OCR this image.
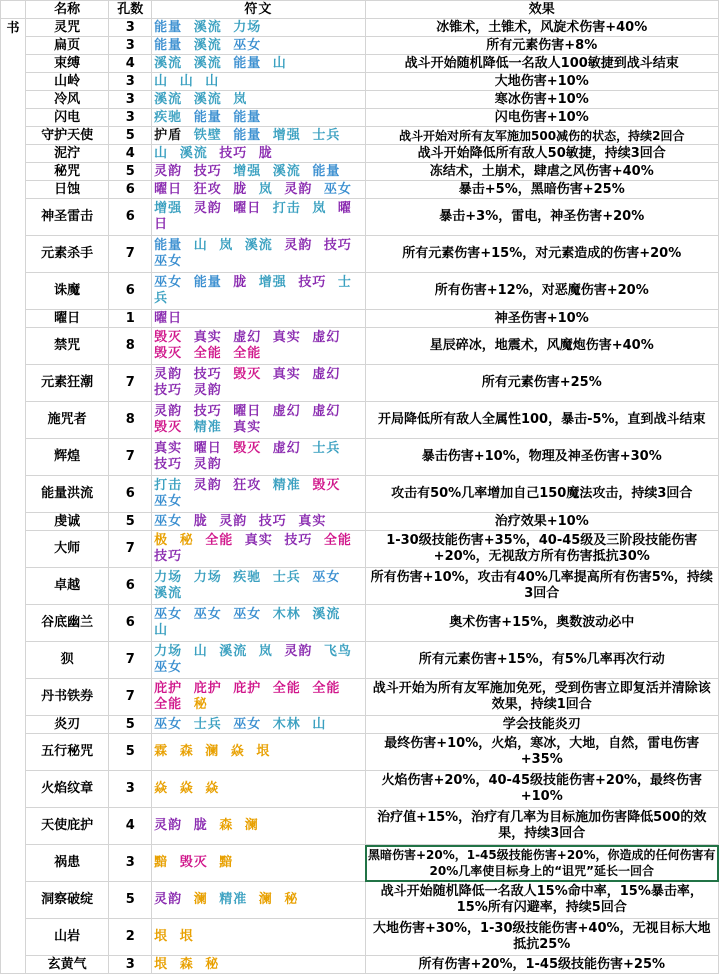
	名称	孔数	符文	效果
书	灵咒	3	能量 溪流 力场	冰锥术，土锥术，风旋术伤害+40%
	扁页	3	能量 溪流 巫女	所有元素伤害+8%
	束缚	4	溪流 溪流 能量 山	战斗开始随机降低一名敌人100敏捷到战斗结束
	山岭	3	山 山 山	大地伤害+10%
	冷风	3	溪流 溪流 岚	寒冰伤害+10%
	闪电	3	疾驰 能量 能量	闪电伤害+10%
	守护天使	5	护盾 铁壁 能量 增强 士兵	战斗开始对所有友军施加500减伤的状态，持续2回合
	泥泞	4	山 溪流 技巧 胧	战斗开始降低所有敌人50敏捷，持续3回合
	秘咒	5	灵韵 技巧 增强 溪流 能量	冻结术，土崩术，肆虐之风伤害+40%
	日蚀	6	曜日 狂攻 胧 岚 灵韵 巫女	暴击+5%，黑暗伤害+25%
	神圣雷击	6	增强 灵韵 曜日 打击 岚 曜日	暴击+3%，雷电，神圣伤害+20%
	元素杀手	7	能量 山 岚 溪流 灵韵 技巧 巫女	所有元素伤害+15%，对元素造成的伤害+20%
	诛魔	6	巫女 能量 胧 增强 技巧 士兵	所有伤害+12%，对恶魔伤害+20%
	曜日	1	曜日	神圣伤害+10%
	禁咒	8	毁灭 真实 虚幻 真实 虚幻 毁灭 全能 全能	星辰碎冰，地震术，风魔炮伤害+40%
	元素狂潮	7	灵韵 技巧 毁灭 真实 虚幻 技巧 灵韵	所有元素伤害+25%
	施咒者	8	灵韵 技巧 曜日 虚幻 虚幻 毁灭 精准 真实	开局降低所有敌人全属性100，暴击-5%，直到战斗结束
	辉煌	7	真实 曜日 毁灭 虚幻 士兵 技巧 灵韵	暴击伤害+10%，物理及神圣伤害+30%
	能量洪流	6	打击 灵韵 狂攻 精准 毁灭 巫女	攻击有50%几率增加自己150魔法攻击，持续3回合
	虔诚	5	巫女 胧 灵韵 技巧 真实	治疗效果+10%
	大师	7	极 秘 全能 真实 技巧 全能 技巧	1-30级技能伤害+35%，40-45级及三阶段技能伤害+20%，无视敌方所有伤害抵抗30%
	卓越	6	力场 力场 疾驰 士兵 巫女 溪流	所有伤害+10%，攻击有40%几率提高所有伤害5%，持续3回合
	谷底幽兰	6	巫女 巫女 巫女 木林 溪流 山	奥术伤害+15%，奥数波动必中
	狈	7	力场 山 溪流 岚 灵韵 飞鸟 巫女	所有元素伤害+15%，有5%几率再次行动
	丹书铁券	7	庇护 庇护 庇护 全能 全能 全能 秘	战斗开始为所有友军施加免死，受到伤害立即复活并清除该效果，持续1回合
	炎刃	5	巫女 士兵 巫女 木林 山	学会技能炎刃
	五行秘咒	5	霖 森 澜 焱 垠	最终伤害+10%，火焰，寒冰，大地，自然，雷电伤害+35%
	火焰纹章	3	焱 焱 焱	火焰伤害+20%，40-45级技能伤害+20%，最终伤害+10%
	天使庇护	4	灵韵 胧 森 澜	治疗值+15%，治疗有几率为目标施加伤害降低500的效果，持续3回合
	祸患	3	黯 毁灭 黯	黑暗伤害+20%，1-45级技能伤害+20%，你造成的任何伤害有20%几率使目标身上的“诅咒”延长一回合
	洞察破绽	5	灵韵 澜 精准 澜 秘	战斗开始随机降低一名敌人15%命中率，15%暴击率，15%所有闪避率，持续5回合
	山岩	2	垠 垠	大地伤害+30%，1-30级技能伤害+40%，无视目标大地抵抗25%
	玄黄气	3	垠 森 秘	所有伤害+20%，1-45级技能伤害+25%
